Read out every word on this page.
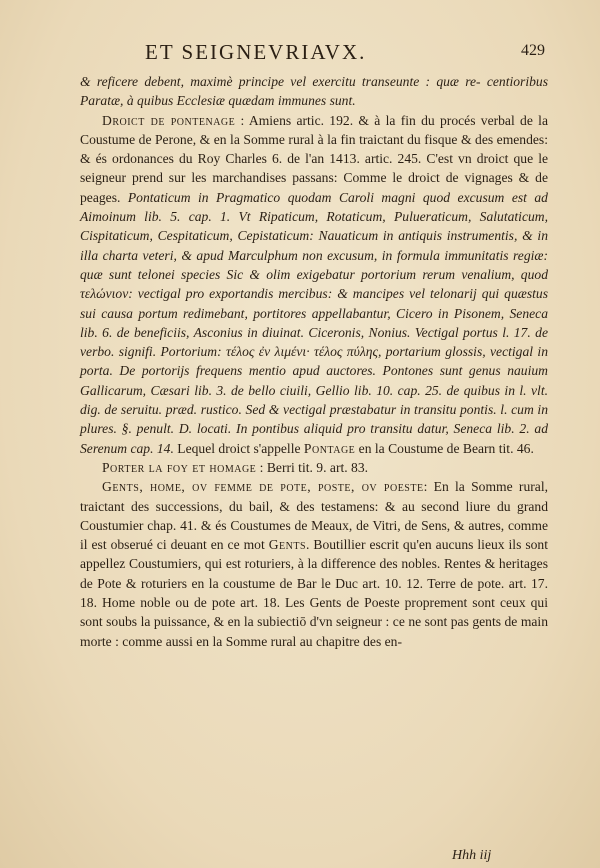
ET SEIGNEVRIAVX.	429

& reficere debent, maximè principe vel exercitu transeunte : quæ re- centioribus Paratæ, à quibus Ecclesiæ quædam immunes sunt.

Droict de pontenage : Amiens artic. 192. & à la fin du procés verbal de la Coustume de Perone, & en la Somme rural à la fin traictant du fisque & des emendes: & és ordonances du Roy Charles 6. de l'an 1413. artic. 245. C'est vn droict que le seigneur prend sur les marchandises passans: Comme le droict de vignages & de peages. Pontaticum in Pragmatico quodam Caroli magni quod excusum est ad Aimoinum lib. 5. cap. 1. Vt Ripaticum, Rotaticum, Pulueraticum, Salutaticum, Cispitaticum, Cespitaticum, Cepistaticum: Nauaticum in antiquis instrumentis, & in illa charta veteri, & apud Marculphum non excusum, in formula immunitatis regiæ: quæ sunt telonei species Sic & olim exigebatur portorium rerum venalium, quod τελώνιον: vectigal pro exportandis mercibus: & mancipes vel telonarij qui quæstus sui causa portum redimebant, portitores appellabantur, Cicero in Pisonem, Seneca lib. 6. de beneficiis, Asconius in diuinat. Ciceronis, Nonius. Vectigal portus l. 17. de verbo. signifi. Portorium: τέλος ἐν λιμένι· τέλος πύλης, portarium glossis, vectigal in porta. De portorijs frequens mentio apud auctores. Pontones sunt genus nauium Gallicarum, Cæsari lib. 3. de bello ciuili, Gellio lib. 10. cap. 25. de quibus in l. vlt. dig. de seruitu. præd. rustico. Sed & vectigal præstabatur in transitu pontis. l. cum in plures. §. penult. D. locati. In pontibus aliquid pro transitu datur, Seneca lib. 2. ad Serenum cap. 14. Lequel droict s'appelle Pontage en la Coustume de Bearn tit. 46.

Porter la foy et homage : Berri tit. 9. art. 83.

Gents, home, ov femme de pote, poste, ov poeste: En la Somme rural, traictant des successions, du bail, & des testamens: & au second liure du grand Coustumier chap. 41. & és Coustumes de Meaux, de Vitri, de Sens, & autres, comme il est obserué ci deuant en ce mot Gents. Boutillier escrit qu'en aucuns lieux ils sont appellez Coustumiers, qui est roturiers, à la difference des nobles. Rentes & heritages de Pote & roturiers en la coustume de Bar le Duc art. 10. 12. Terre de pote. art. 17. 18. Home noble ou de pote art. 18. Les Gents de Poeste proprement sont ceux qui sont soubs la puissance, & en la subiectiō d'vn seigneur : ce ne sont pas gents de main morte : comme aussi en la Somme rural au chapitre des en-

Hhh iij
